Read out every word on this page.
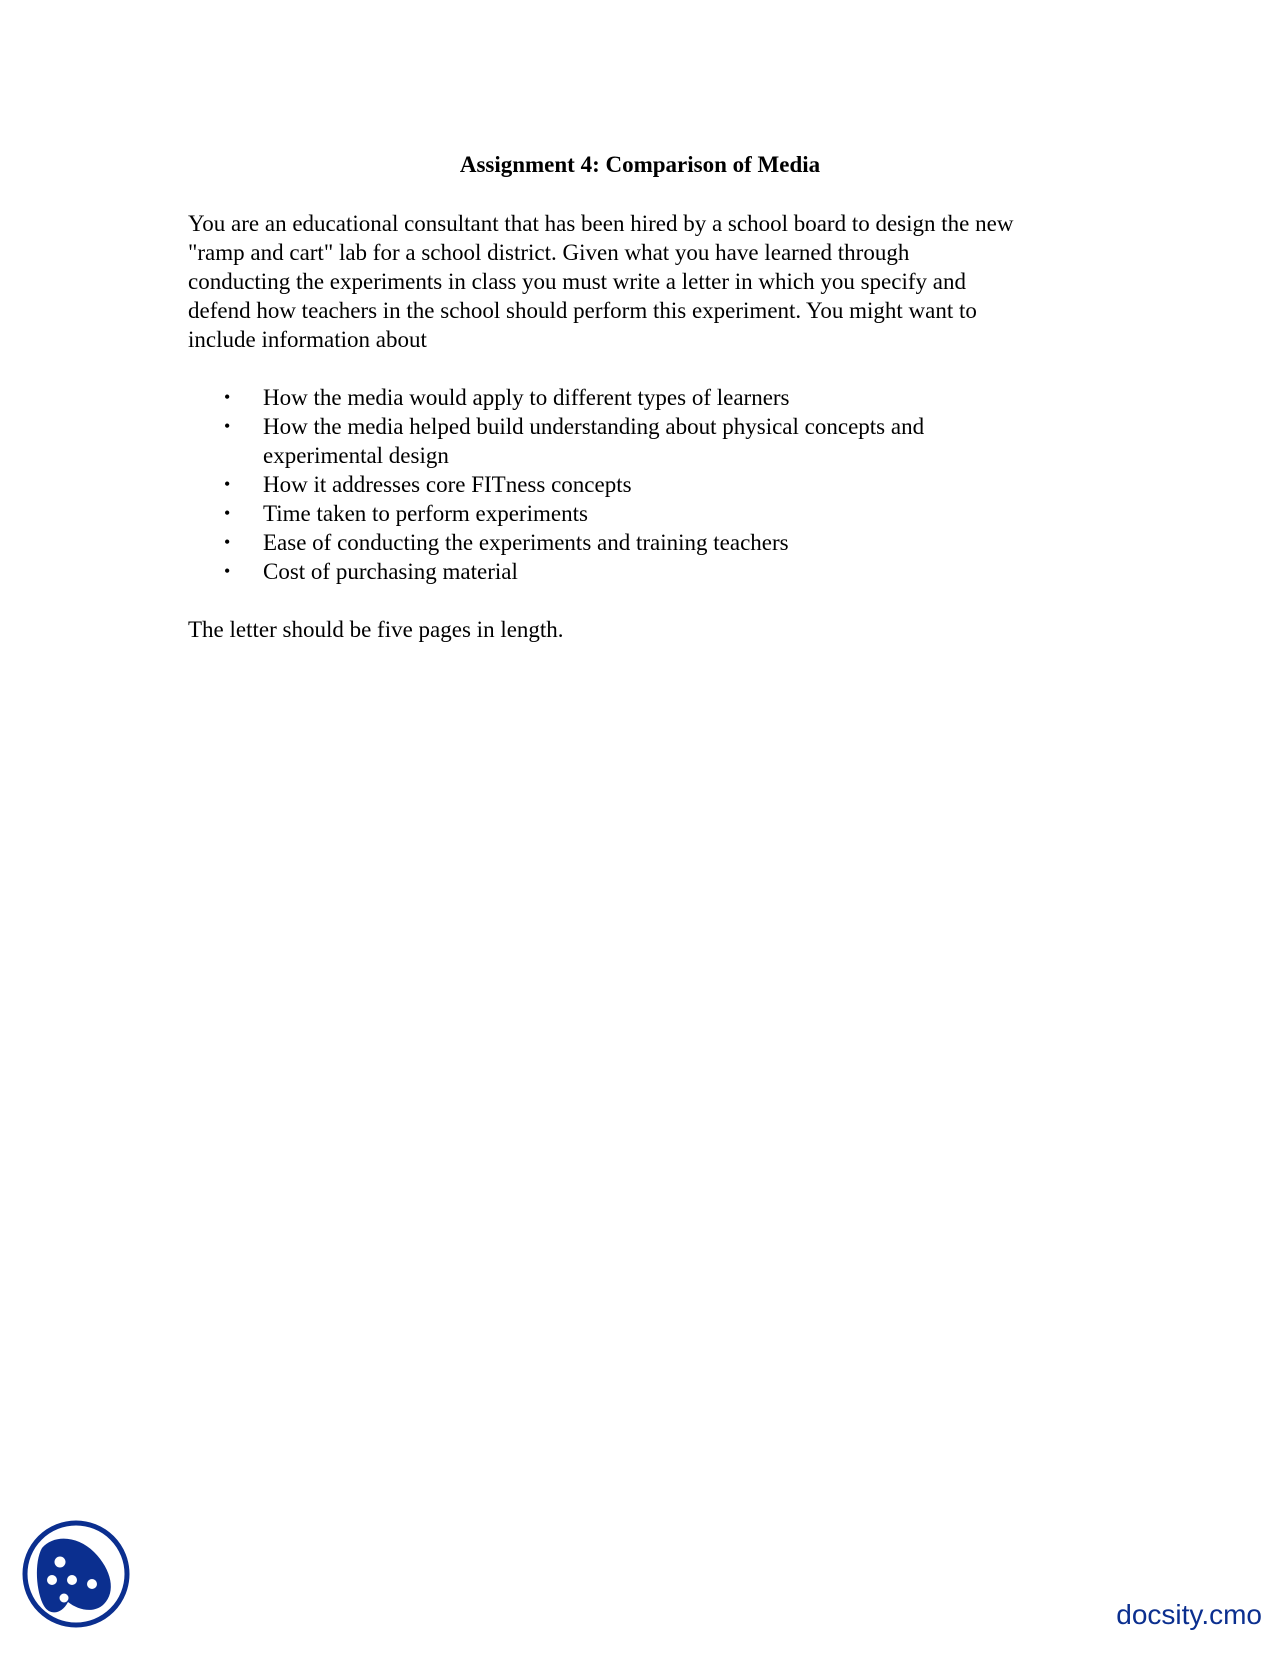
Assignment 4: Comparison of Media

You are an educational consultant that has been hired by a school board to design the new
"ramp and cart" lab for a school district. Given what you have learned through
conducting the experiments in class you must write a letter in which you specify and
defend how teachers in the school should perform this experiment. You might want to
include information about

• How the media would apply to different types of learners
• How the media helped build understanding about physical concepts and
experimental design
• How it addresses core FITness concepts
• Time taken to perform experiments
• Ease of conducting the experiments and training teachers
• Cost of purchasing material

The letter should be five pages in length.

docsity.cmo
